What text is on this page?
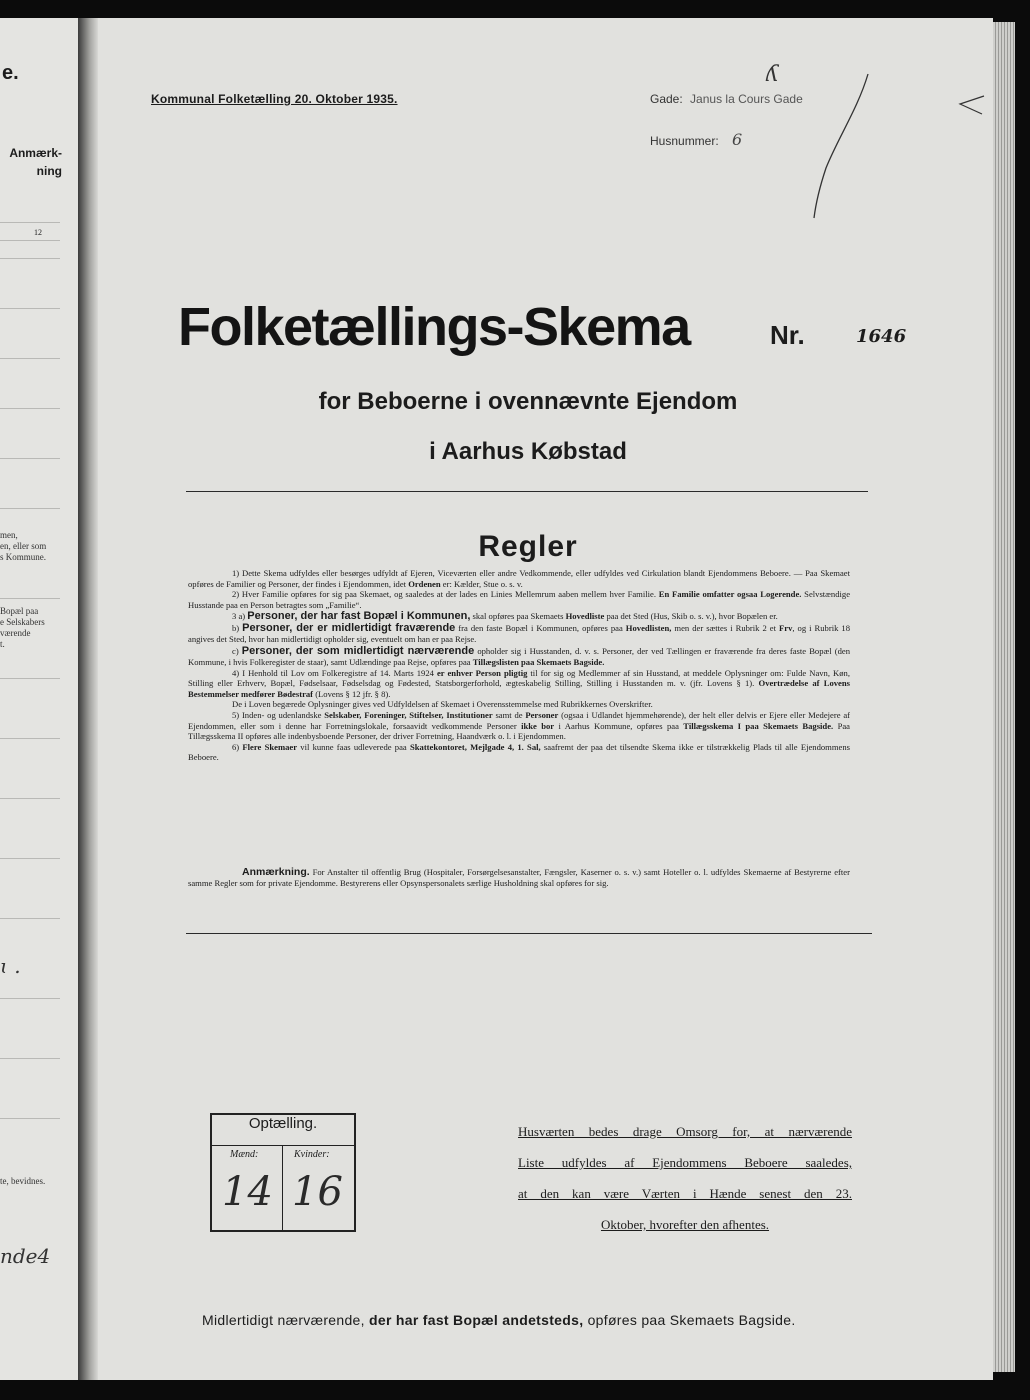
e.
Anmærk-
ning
12
men,
en, eller som
s Kommune.
Bopæl paa
e Selskabers
værende
t.
ɩ .
te, bevidnes.
nde4
Kommunal Folketælling 20. Oktober 1935.	Gade: Janus la Cours Gade
Husnummer: 6
ʎ
Folketællings-Skema	Nr.	1646
for Beboerne i ovennævnte Ejendom
i Aarhus Købstad
Regler

1) Dette Skema udfyldes eller besørges udfyldt af Ejeren, Viceværten eller andre Vedkommende, eller udfyldes ved Cirkulation blandt Ejendommens Beboere. — Paa Skemaet opføres de Familier og Personer, der findes i Ejendommen, idet Ordenen er: Kælder, Stue o. s. v.

2) Hver Familie opføres for sig paa Skemaet, og saaledes at der lades en Linies Mellemrum aaben mellem hver Familie. En Familie omfatter ogsaa Logerende. Selvstændige Husstande paa en Person betragtes som „Familie“.

3 a) Personer, der har fast Bopæl i Kommunen, skal opføres paa Skemaets Hovedliste paa det Sted (Hus, Skib o. s. v.), hvor Bopælen er.

b) Personer, der er midlertidigt fraværende fra den faste Bopæl i Kommunen, opføres paa Hovedlisten, men der sættes i Rubrik 2 et Frv, og i Rubrik 18 angives det Sted, hvor han midlertidigt opholder sig, eventuelt om han er paa Rejse.

c) Personer, der som midlertidigt nærværende opholder sig i Husstanden, d. v. s. Personer, der ved Tællingen er fraværende fra deres faste Bopæl (den Kommune, i hvis Folkeregister de staar), samt Udlændinge paa Rejse, opføres paa Tillægslisten paa Skemaets Bagside.

4) I Henhold til Lov om Folkeregistre af 14. Marts 1924 er enhver Person pligtig til for sig og Medlemmer af sin Husstand, at meddele Oplysninger om: Fulde Navn, Køn, Stilling eller Erhverv, Bopæl, Fødselsaar, Fødselsdag og Fødested, Statsborgerforhold, ægteskabelig Stilling, Stilling i Husstanden m. v. (jfr. Lovens § 1). Overtrædelse af Lovens Bestemmelser medfører Bødestraf (Lovens § 12 jfr. § 8).

De i Loven begærede Oplysninger gives ved Udfyldelsen af Skemaet i Overensstemmelse med Rubrikkernes Overskrifter.

5) Inden- og udenlandske Selskaber, Foreninger, Stiftelser, Institutioner samt de Personer (ogsaa i Udlandet hjemmehørende), der helt eller delvis er Ejere eller Medejere af Ejendommen, eller som i denne har Forretningslokale, forsaavidt vedkommende Personer ikke bor i Aarhus Kommune, opføres paa Tillægsskema I paa Skemaets Bagside. Paa Tillægsskema II opføres alle indenbysboende Personer, der driver Forretning, Haandværk o. l. i Ejendommen.

6) Flere Skemaer vil kunne faas udleverede paa Skattekontoret, Mejlgade 4, 1. Sal, saafremt der paa det tilsendte Skema ikke er tilstrækkelig Plads til alle Ejendommens Beboere.

Anmærkning. For Anstalter til offentlig Brug (Hospitaler, Forsørgelsesanstalter, Fængsler, Kaserner o. s. v.) samt Hoteller o. l. udfyldes Skemaerne af Bestyrerne efter samme Regler som for private Ejendomme. Bestyrerens eller Opsynspersonalets særlige Husholdning skal opføres for sig.
Optælling.
Mænd:	Kvinder:
14 16
Husværten bedes drage Omsorg for, at nærværende
Liste udfyldes af Ejendommens Beboere saaledes,
at den kan være Værten i Hænde senest den 23.
Oktober, hvorefter den afhentes.
Midlertidigt nærværende, der har fast Bopæl andetsteds, opføres paa Skemaets Bagside.
